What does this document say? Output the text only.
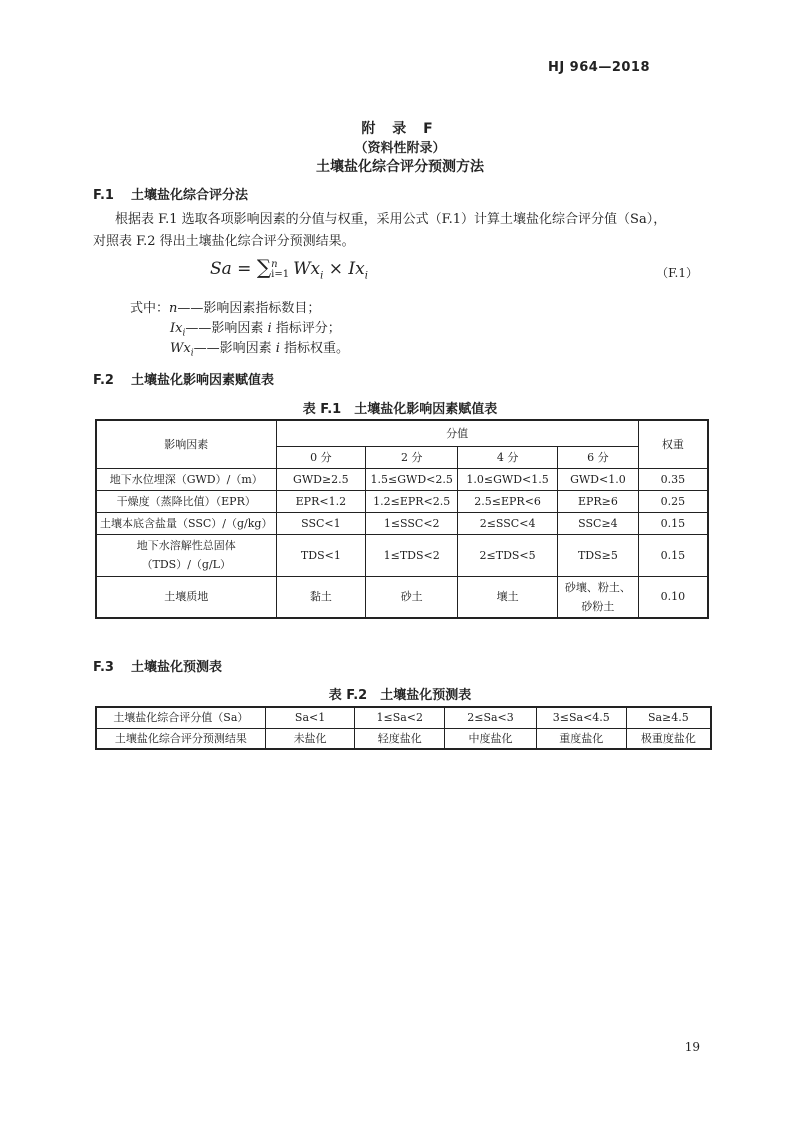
HJ 964—2018
附 录 F
（资料性附录）
土壤盐化综合评分预测方法
F.1 土壤盐化综合评分法
根据表 F.1 选取各项影响因素的分值与权重，采用公式（F.1）计算土壤盐化综合评分值（Sa），
对照表 F.2 得出土壤盐化综合评分预测结果。
Sa = ∑ n
i=1 $Wx_i \times Ix_i$	（F.1）
式中：n——影响因素指标数目；
$Ix_i——$影响因素 i 指标评分；
$Wx_i——$影响因素 i 指标权重。
F.2 土壤盐化影响因素赋值表
表 F.1　土壤盐化影响因素赋值表
影响因素	分值				权重
	0 分	2 分	4 分	6 分	
地下水位埋深（GWD）/（m）	GWD≥2.5	1.5≤GWD<2.5	1.0≤GWD<1.5	GWD<1.0	0.35
干燥度（蒸降比值）（EPR）	EPR<1.2	1.2≤EPR<2.5	2.5≤EPR<6	EPR≥6	0.25
土壤本底含盐量（SSC）/（g/kg）	SSC<1	1≤SSC<2	2≤SSC<4	SSC≥4	0.15

地下水溶解性总固体
（TDS）/（g/L）	TDS<1	1≤TDS<2	2≤TDS<5	TDS≥5	0.15
土壤质地	黏土	砂土	壤土	砂壤、粉土、
砂粉土	0.10
F.3 土壤盐化预测表
表 F.2　土壤盐化预测表
土壤盐化综合评分值（Sa）	Sa<1	1≤Sa<2	2≤Sa<3	3≤Sa<4.5	Sa≥4.5
土壤盐化综合评分预测结果	未盐化	轻度盐化	中度盐化	重度盐化	极重度盐化
19
